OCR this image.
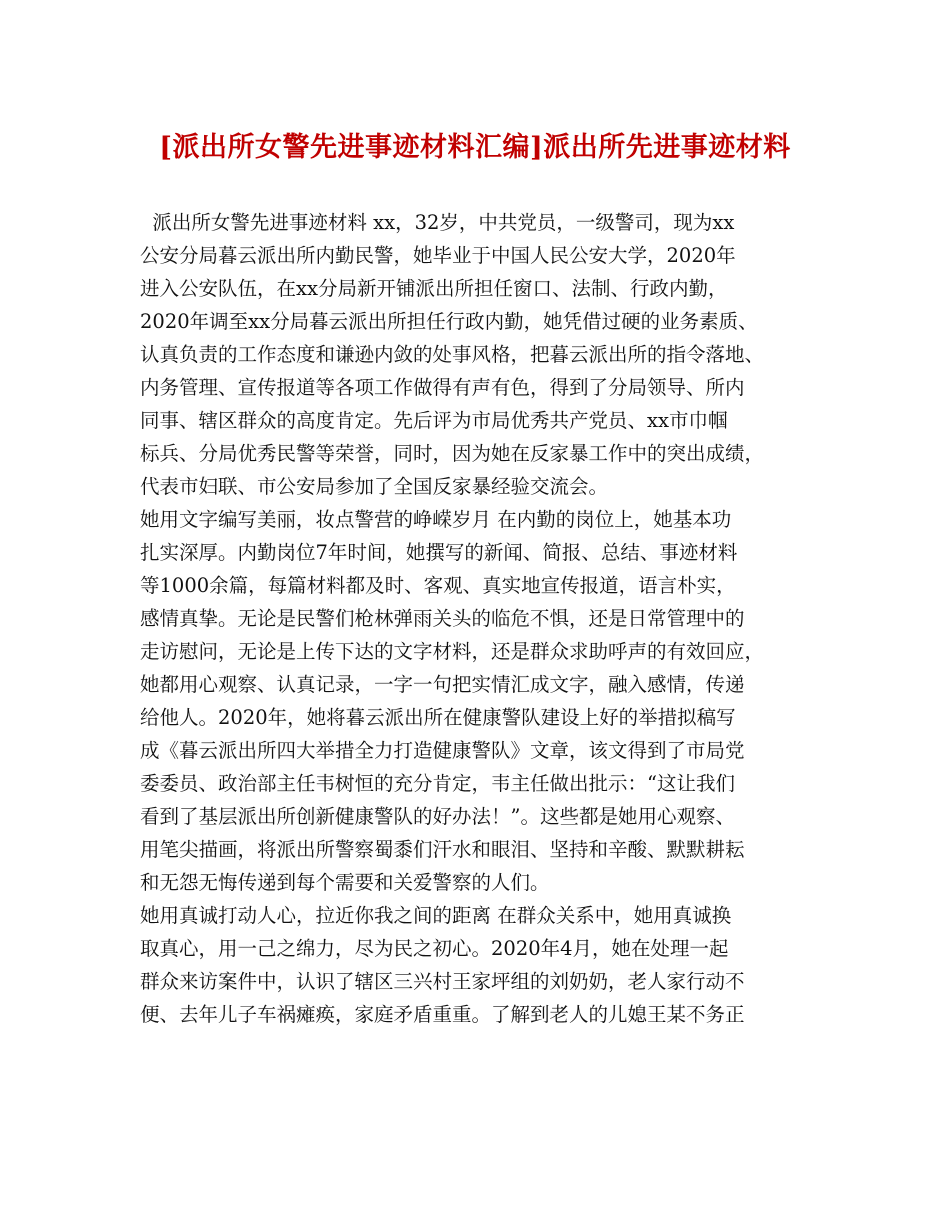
[派出所女警先进事迹材料汇编]派出所先进事迹材料
派出所女警先进事迹材料 xx，32岁，中共党员，一级警司，现为xx
公安分局暮云派出所内勤民警，她毕业于中国人民公安大学，2020年
进入公安队伍，在xx分局新开铺派出所担任窗口、法制、行政内勤，
2020年调至xx分局暮云派出所担任行政内勤，她凭借过硬的业务素质、
认真负责的工作态度和谦逊内敛的处事风格，把暮云派出所的指令落地、
内务管理、宣传报道等各项工作做得有声有色，得到了分局领导、所内
同事、辖区群众的高度肯定。先后评为市局优秀共产党员、xx市巾帼
标兵、分局优秀民警等荣誉，同时，因为她在反家暴工作中的突出成绩，
代表市妇联、市公安局参加了全国反家暴经验交流会。
她用文字编写美丽，妆点警营的峥嵘岁月 在内勤的岗位上，她基本功
扎实深厚。内勤岗位7年时间，她撰写的新闻、简报、总结、事迹材料
等1000余篇，每篇材料都及时、客观、真实地宣传报道，语言朴实，
感情真挚。无论是民警们枪林弹雨关头的临危不惧，还是日常管理中的
走访慰问，无论是上传下达的文字材料，还是群众求助呼声的有效回应，
她都用心观察、认真记录，一字一句把实情汇成文字，融入感情，传递
给他人。2020年，她将暮云派出所在健康警队建设上好的举措拟稿写
成《暮云派出所四大举措全力打造健康警队》文章，该文得到了市局党
委委员、政治部主任韦树恒的充分肯定，韦主任做出批示：“这让我们
看到了基层派出所创新健康警队的好办法！”。这些都是她用心观察、
用笔尖描画，将派出所警察蜀黍们汗水和眼泪、坚持和辛酸、默默耕耘
和无怨无悔传递到每个需要和关爱警察的人们。
她用真诚打动人心，拉近你我之间的距离 在群众关系中，她用真诚换
取真心，用一己之绵力，尽为民之初心。2020年4月，她在处理一起
群众来访案件中，认识了辖区三兴村王家坪组的刘奶奶，老人家行动不
便、去年儿子车祸瘫痪，家庭矛盾重重。了解到老人的儿媳王某不务正
